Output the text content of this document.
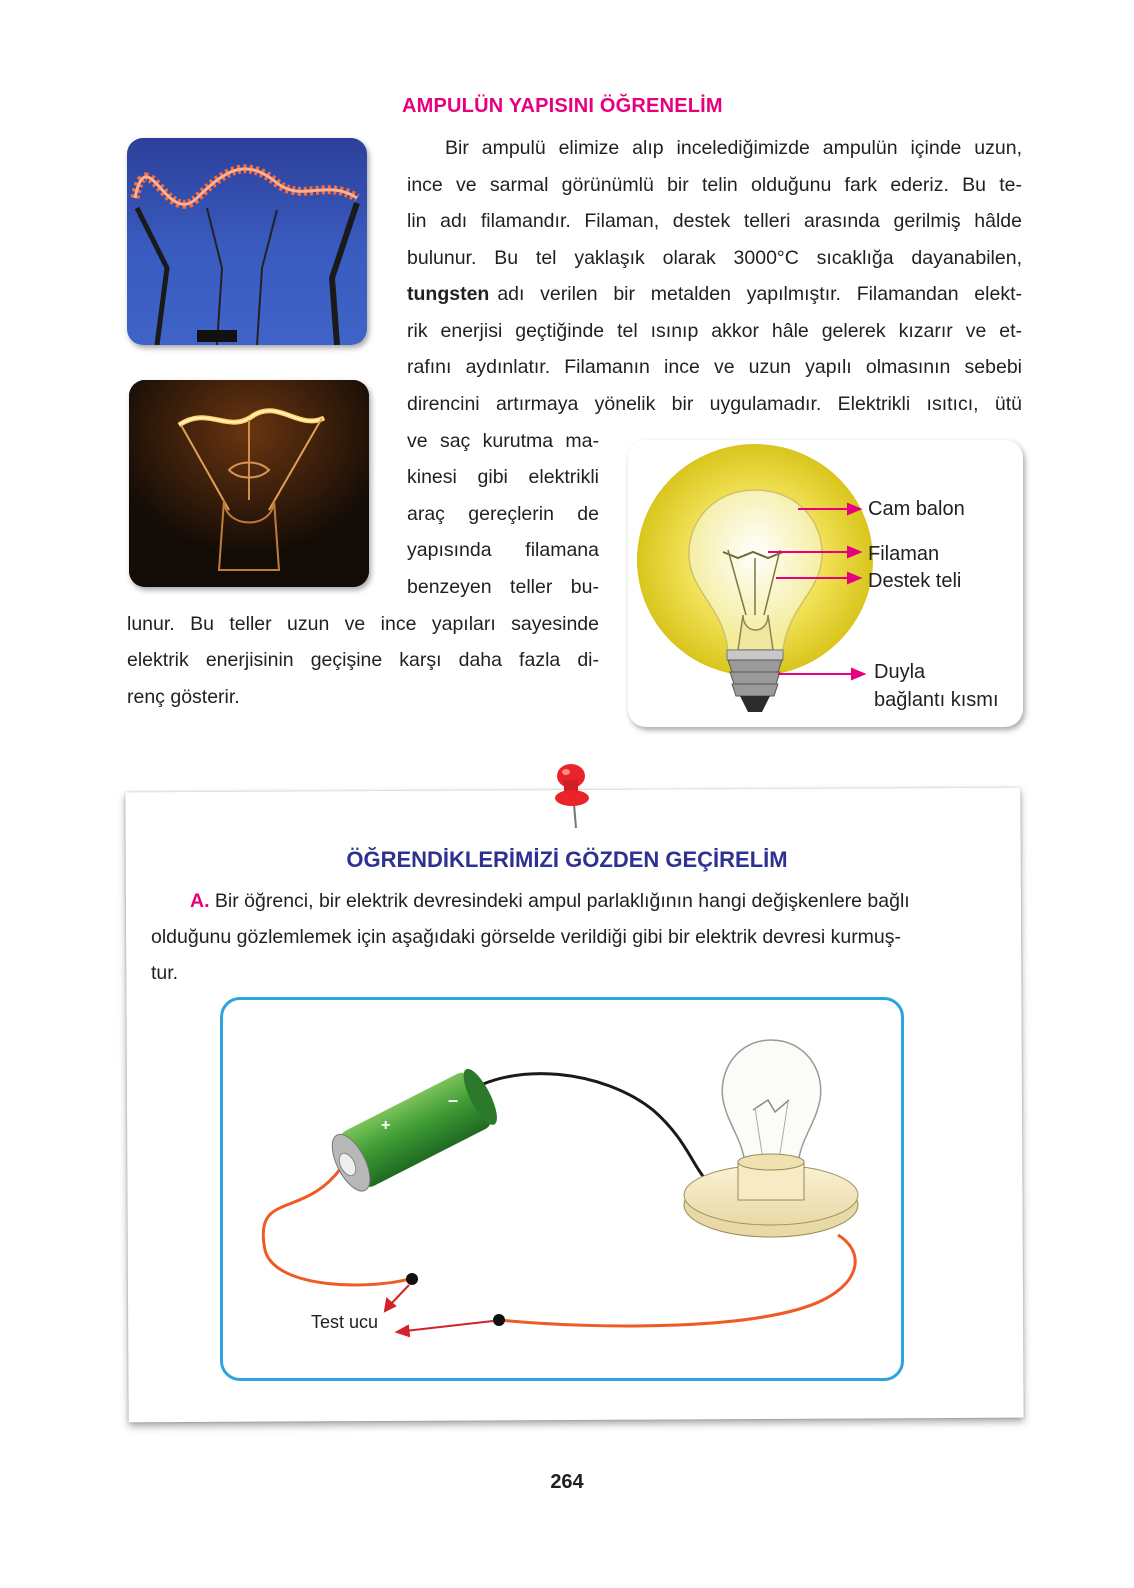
AMPULÜN YAPISINI ÖĞRENELİM
Bir ampulü elimize alıp incelediğimizde ampulün içinde uzun,
ince ve sarmal görünümlü bir telin olduğunu fark ederiz. Bu te-
lin adı filamandır. Filaman, destek telleri arasında gerilmiş hâlde
bulunur. Bu tel yaklaşık olarak 3000°C sıcaklığa dayanabilen,
tungsten adı verilen bir metalden yapılmıştır. Filamandan elekt-
rik enerjisi geçtiğinde tel ısınıp akkor hâle gelerek kızarır ve et-
rafını aydınlatır. Filamanın ince ve uzun yapılı olmasının sebebi
direncini artırmaya yönelik bir uygulamadır. Elektrikli ısıtıcı, ütü
ve saç kurutma ma-
kinesi gibi elektrikli
araç gereçlerin de
yapısında filamana
benzeyen teller bu-
lunur. Bu teller uzun ve ince yapıları sayesinde
elektrik enerjisinin geçişine karşı daha fazla di-
renç gösterir.
Cam balon
Filaman
Destek teli
Duyla
bağlantı kısmı
ÖĞRENDİKLERİMİZİ GÖZDEN GEÇİRELİM
A. Bir öğrenci, bir elektrik devresindeki ampul parlaklığının hangi değişkenlere bağlı
olduğunu gözlemlemek için aşağıdaki görselde verildiği gibi bir elektrik devresi kurmuş-
tur.
+
–
Test ucu
264
